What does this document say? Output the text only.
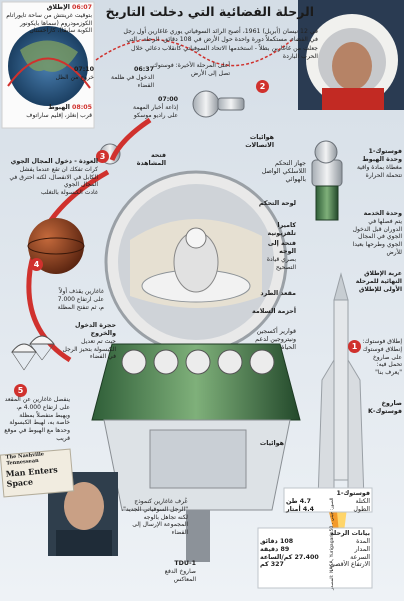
الرحلة الفضائية التي دخلت التاريخ
في 12 نيسان (أبريل) 1961، أصبح الرائد السوفياتي يوري غاغارين أول رجل في الفضاء، مستكملاً دورة واحدة حول الأرض في 108 دقائق. الرحلة - التي جعلت من غاغارين بطلاً - استخدمها الاتحاد السوفياتي كانقلاب دعائي خلال الحرب الباردة
06:07 الإطلاق
بتوقيت غرينتش من ساحة تايوراتام الكوزمودروم (سماها بايكونور الكوبة سابقا)، كازاخستان
07:10
خروج من الظل
06:37
الدخول في ظلمة الفضاء
أعلى المرحلة الأخيرة: فوستوك تصل إلى الأرض
07:00
إذاعة أخبار المهمة على راديو موسكو
08:05 الهبوط
قرب إنغلز، إقليم ساراتوف
2
3
4
5
1
العودة - دخول المجال الجوي
كرات تفكك ان تقع عندما يفشل الكابل في الانفصال، لكنه احترق في المجال الجوي
غادت الكبسولة بالتغلب
غاغارين يقذف أولاً على ارتفاع 7.000 م، ثم تنفتح المظلة
ينفصل غاغارين عن المقعد على ارتفاع 4.000 م، ويهبط منفصلاً بمظلة خاصة به، لهبط الكبسولة وحدها مع الهبوط في موقع قريب
فتحة المشاهدة
حجرة الدخول والخروج
حيث تم تعديل الكبسولة بتحيز الرجل في الفضاء
TDU-1
صاروخ الدفع المعاكس
The Nashville Tennessean
Man Enters Space
عُرف غاغارين كنموذج "الرجل السوفياتي الجديد"، لكنه تجاهل بالوجه المجموعة الإرسال إلى الفضاء
هوائيات الاتصالات
لوحة التحكم
كاميرا تلفزيونية
فتحة إلى الوجه
بصري قيادة التصحيح
مقعد الطرد
أحزمة السلامة
قوارير أكسجين ونيتروجين لدعم الحياة
هوائيات
جهاز التحكم اللاسلكي الواصل بالهوائي
فوستوك-1
وحدة الهبوط
مغطاة بمادة واقية تتحملة الحرارة
وحدة الخدمة
يتم فصلها في الدوران قبل الدخول الجوي في المجال الجوي وطرحها بعيدا للأرض
عربة الإطلاق النهائية للمرحلة الأولى للإطلاق
إطلاق فوستوك: إنطلاق فوستوك على صاروخ تحمل فيه: "يعرف بنا"
صاروخ
فوستوك-K
فوستوك-1
الكتلة
4.7 طن
الطول
4.4 أمتار
بيانات الرحلة
المدة
108 دقائق
المدار
89 دقيقة
السرعة
27.400 كم/الساعة
الارتفاع الأقصى
327 كم
المصدر: NASA, Yurigagarin50 ، الصور: جيتي
